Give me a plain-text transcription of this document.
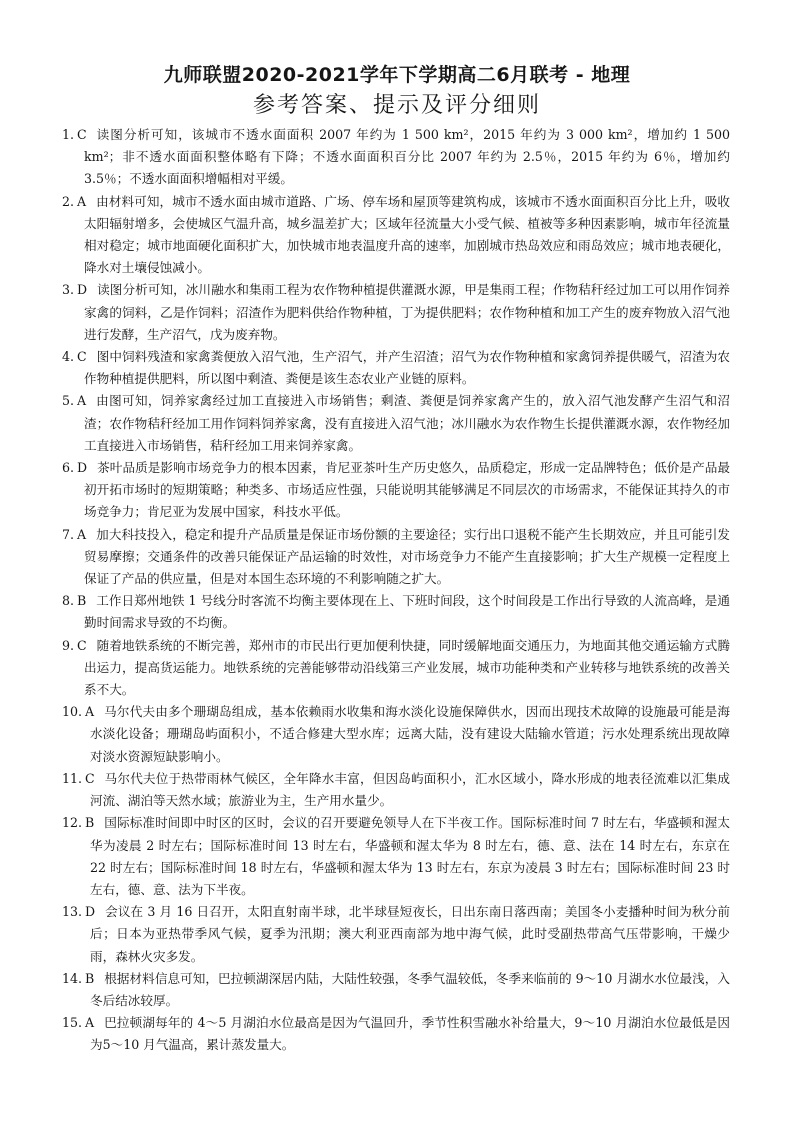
九师联盟2020-2021学年下学期高二6月联考 - 地理
参考答案、提示及评分细则
1. C 读图分析可知，该城市不透水面面积 2007 年约为 1 500 km²，2015 年约为 3 000 km²，增加约 1 500 km²；非不透水面面积整体略有下降；不透水面面积百分比 2007 年约为 2.5％，2015 年约为 6％，增加约 3.5％；不透水面面积增幅相对平缓。
2. A 由材料可知，城市不透水面由城市道路、广场、停车场和屋顶等建筑构成，该城市不透水面面积百分比上升，吸收太阳辐射增多，会使城区气温升高，城乡温差扩大；区域年径流量大小受气候、植被等多种因素影响，城市年径流量相对稳定；城市地面硬化面积扩大，加快城市地表温度升高的速率，加剧城市热岛效应和雨岛效应；城市地表硬化，降水对土壤侵蚀减小。
3. D 读图分析可知，冰川融水和集雨工程为农作物种植提供灌溉水源，甲是集雨工程；作物秸秆经过加工可以用作饲养家禽的饲料，乙是作饲料；沼渣作为肥料供给作物种植，丁为提供肥料；农作物种植和加工产生的废弃物放入沼气池进行发酵，生产沼气，戊为废弃物。
4. C 图中饲料残渣和家禽粪便放入沼气池，生产沼气，并产生沼渣；沼气为农作物种植和家禽饲养提供暖气，沼渣为农作物种植提供肥料，所以图中剩渣、粪便是该生态农业产业链的原料。
5. A 由图可知，饲养家禽经过加工直接进入市场销售；剩渣、粪便是饲养家禽产生的，放入沼气池发酵产生沼气和沼渣；农作物秸秆经加工用作饲料饲养家禽，没有直接进入沼气池；冰川融水为农作物生长提供灌溉水源，农作物经加工直接进入市场销售，秸秆经加工用来饲养家禽。
6. D 茶叶品质是影响市场竞争力的根本因素，肯尼亚茶叶生产历史悠久，品质稳定，形成一定品牌特色；低价是产品最初开拓市场时的短期策略；种类多、市场适应性强，只能说明其能够满足不同层次的市场需求，不能保证其持久的市场竞争力；肯尼亚为发展中国家，科技水平低。
7. A 加大科技投入，稳定和提升产品质量是保证市场份额的主要途径；实行出口退税不能产生长期效应，并且可能引发贸易摩擦；交通条件的改善只能保证产品运输的时效性，对市场竞争力不能产生直接影响；扩大生产规模一定程度上保证了产品的供应量，但是对本国生态环境的不利影响随之扩大。
8. B 工作日郑州地铁 1 号线分时客流不均衡主要体现在上、下班时间段，这个时间段是工作出行导致的人流高峰，是通勤时间需求导致的不均衡。
9. C 随着地铁系统的不断完善，郑州市的市民出行更加便利快捷，同时缓解地面交通压力，为地面其他交通运输方式腾出运力，提高货运能力。地铁系统的完善能够带动沿线第三产业发展，城市功能种类和产业转移与地铁系统的改善关系不大。
10. A 马尔代夫由多个珊瑚岛组成，基本依赖雨水收集和海水淡化设施保障供水，因而出现技术故障的设施最可能是海水淡化设备；珊瑚岛屿面积小，不适合修建大型水库；远离大陆，没有建设大陆输水管道；污水处理系统出现故障对淡水资源短缺影响小。
11. C 马尔代夫位于热带雨林气候区，全年降水丰富，但因岛屿面积小，汇水区域小，降水形成的地表径流难以汇集成河流、湖泊等天然水域；旅游业为主，生产用水量少。
12. B 国际标准时间即中时区的区时，会议的召开要避免领导人在下半夜工作。国际标准时间 7 时左右，华盛顿和渥太华为凌晨 2 时左右；国际标准时间 13 时左右，华盛顿和渥太华为 8 时左右，德、意、法在 14 时左右，东京在 22 时左右；国际标准时间 18 时左右，华盛顿和渥太华为 13 时左右，东京为凌晨 3 时左右；国际标准时间 23 时左右，德、意、法为下半夜。
13. D 会议在 3 月 16 日召开，太阳直射南半球，北半球昼短夜长，日出东南日落西南；美国冬小麦播种时间为秋分前后；日本为亚热带季风气候，夏季为汛期；澳大利亚西南部为地中海气候，此时受副热带高气压带影响，干燥少雨，森林火灾多发。
14. B 根据材料信息可知，巴拉顿湖深居内陆，大陆性较强，冬季气温较低，冬季来临前的 9～10 月湖水水位最浅，入冬后结冰较厚。
15. A 巴拉顿湖每年的 4～5 月湖泊水位最高是因为气温回升，季节性积雪融水补给量大，9～10 月湖泊水位最低是因为5～10 月气温高，累计蒸发量大。
